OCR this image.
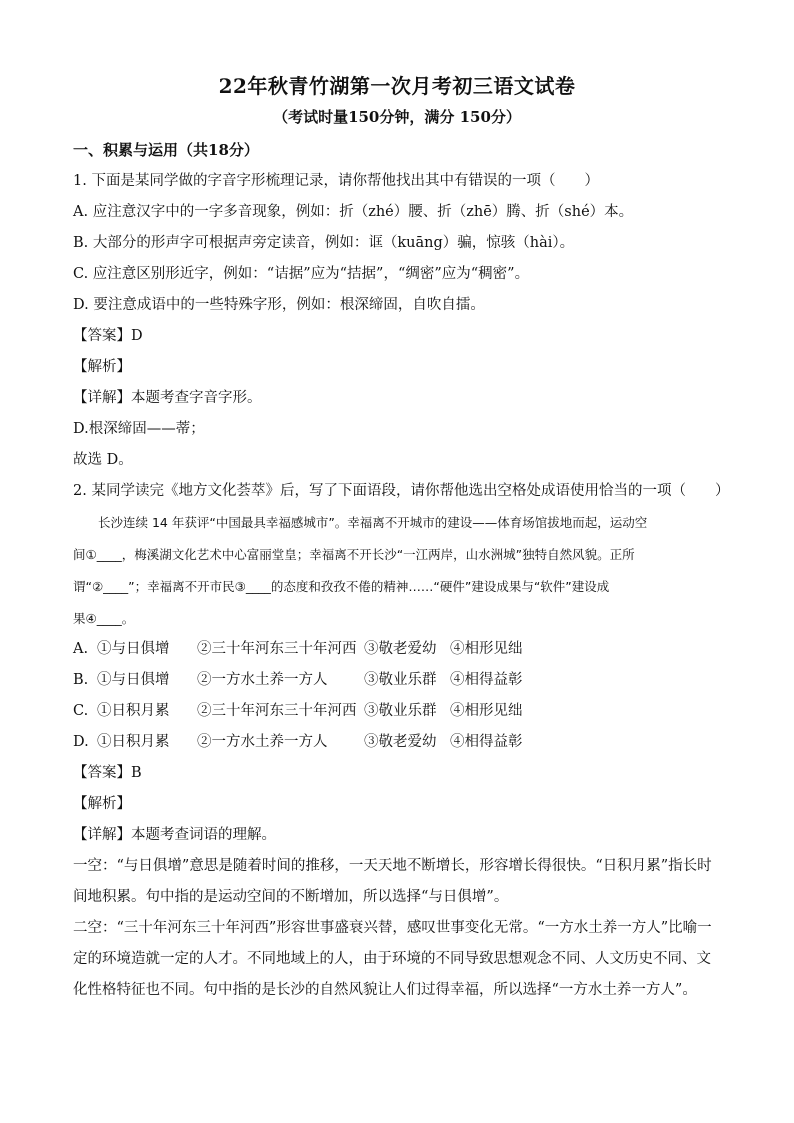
22年秋青竹湖第一次月考初三语文试卷
（考试时量150分钟，满分 150分）
一、积累与运用（共18分）
1. 下面是某同学做的字音字形梳理记录，请你帮他找出其中有错误的一项（　　）
A. 应注意汉字中的一字多音现象，例如：折（zhé）腰、折（zhē）腾、折（shé）本。
B. 大部分的形声字可根据声旁定读音，例如：诓（kuāng）骗，惊骇（hài）。
C. 应注意区别形近字，例如：“诘据”应为“拮据”，“绸密”应为“稠密”。
D. 要注意成语中的一些特殊字形，例如：根深缔固，自吹自擂。
【答案】D
【解析】
【详解】本题考查字音字形。
D.根深缔固——蒂；
故选 D。
2. 某同学读完《地方文化荟萃》后，写了下面语段，请你帮他选出空格处成语使用恰当的一项（　　）
　　长沙连续 14 年获评“中国最具幸福感城市”。幸福离不开城市的建设——体育场馆拔地而起，运动空
间①____，梅溪湖文化艺术中心富丽堂皇；幸福离不开长沙“一江两岸，山水洲城”独特自然风貌。正所
谓“②____”；幸福离不开市民③____的态度和孜孜不倦的精神……“硬件”建设成果与“软件”建设成
果④____。
A. ①与日俱增 ②三十年河东三十年河西 ③敬老爱幼 ④相形见绌
B. ①与日俱增 ②一方水土养一方人	③敬业乐群 ④相得益彰
C. ①日积月累 ②三十年河东三十年河西 ③敬业乐群 ④相形见绌
D. ①日积月累 ②一方水土养一方人	③敬老爱幼 ④相得益彰
【答案】B
【解析】
【详解】本题考查词语的理解。
一空：“与日俱增”意思是随着时间的推移，一天天地不断增长，形容增长得很快。“日积月累”指长时间地积累。句中指的是运动空间的不断增加，所以选择“与日俱增”。
二空：“三十年河东三十年河西”形容世事盛衰兴替，感叹世事变化无常。“一方水土养一方人”比喻一定的环境造就一定的人才。不同地域上的人，由于环境的不同导致思想观念不同、人文历史不同、文化性格特征也不同。句中指的是长沙的自然风貌让人们过得幸福，所以选择“一方水土养一方人”。
